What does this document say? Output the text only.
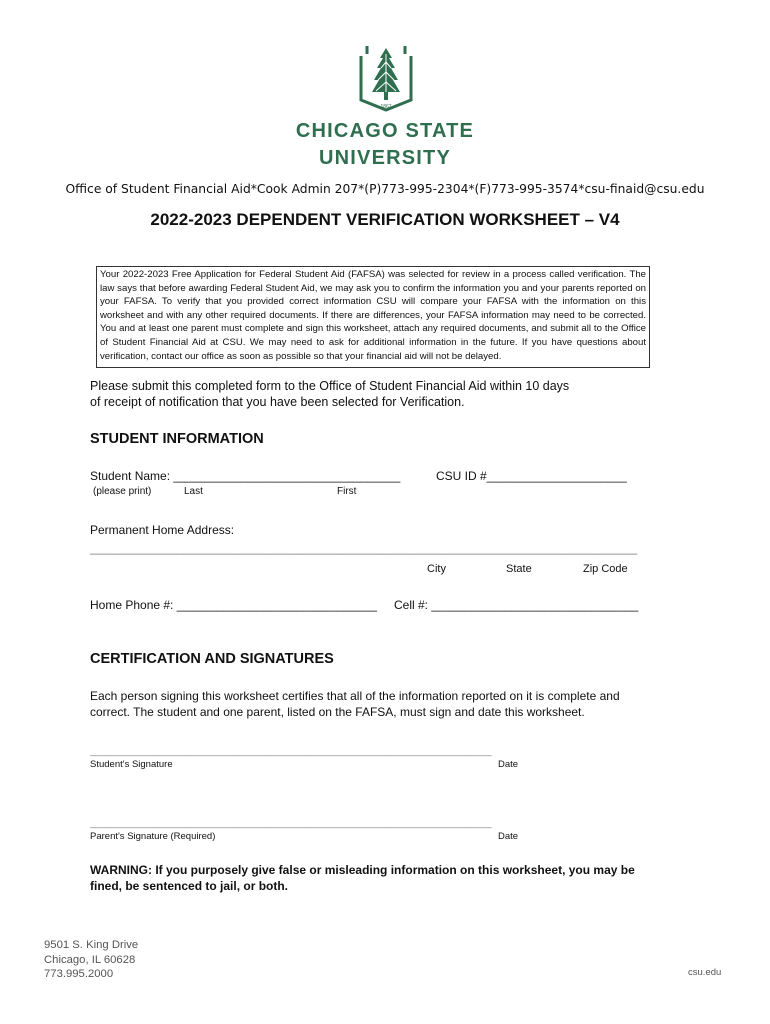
1867
CHICAGO STATE
UNIVERSITY
Office of Student Financial Aid*Cook Admin 207*(P)773-995-2304*(F)773-995-3574*csu-finaid@csu.edu
2022-2023 DEPENDENT VERIFICATION WORKSHEET – V4
Your 2022-2023 Free Application for Federal Student Aid (FAFSA) was selected for review in a process called verification. The law says that before awarding Federal Student Aid, we may ask you to confirm the information you and your parents reported on your FAFSA. To verify that you provided correct information CSU will compare your FAFSA with the information on this worksheet and with any other required documents. If there are differences, your FAFSA information may need to be corrected. You and at least one parent must complete and sign this worksheet, attach any required documents, and submit all to the Office of Student Financial Aid at CSU. We may need to ask for additional information in the future. If you have questions about verification, contact our office as soon as possible so that your financial aid will not be delayed.
Please submit this completed form to the Office of Student Financial Aid within 10 days
of receipt of notification that you have been selected for Verification.
STUDENT INFORMATION
Student Name: __________________________________	CSU ID #_____________________
(please print)	Last	First
Permanent Home Address:
__________________________________________________________________________________
City	State	Zip Code
Home Phone #: ______________________________ Cell #: _______________________________
CERTIFICATION AND SIGNATURES
Each person signing this worksheet certifies that all of the information reported on it is complete and
correct. The student and one parent, listed on the FAFSA, must sign and date this worksheet.
____________________________________________________________________________
Student's Signature	Date
____________________________________________________________________________
Parent's Signature (Required)	Date
WARNING: If you purposely give false or misleading information on this worksheet, you may be
fined, be sentenced to jail, or both.
9501 S. King Drive
Chicago, IL 60628
773.995.2000	csu.edu
